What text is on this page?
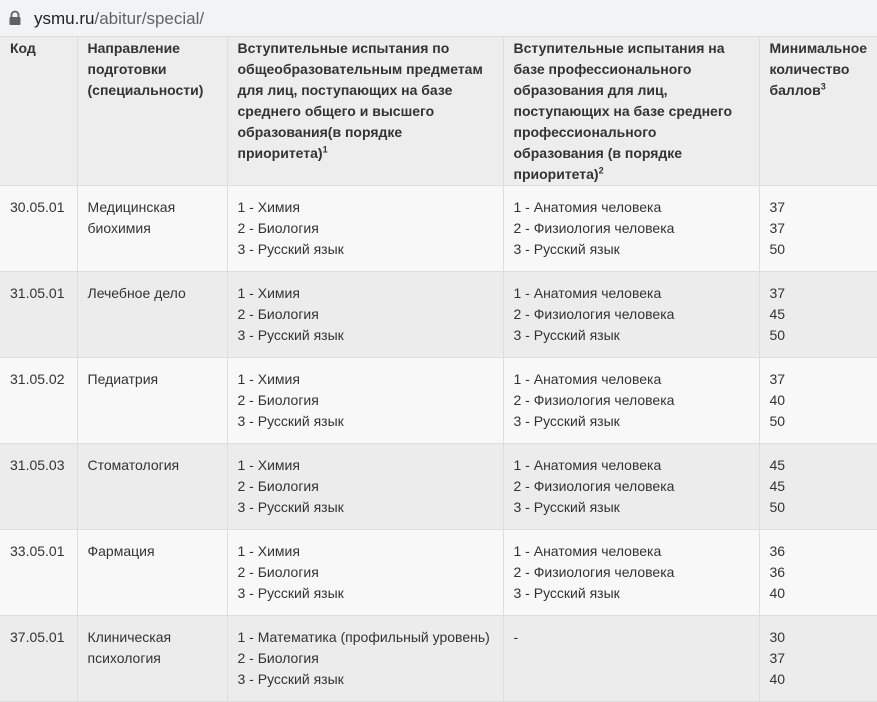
ysmu.ru/abitur/special/
Код	Направление подготовки (специальности)	Вступительные испытания по общеобразовательным предметам для лиц, поступающих на базе среднего общего и высшего образования(в порядке приоритета)$^1$	Вступительные испытания на базе профессионального образования для лиц, поступающих на базе среднего профессионального образования (в порядке приоритета)$^2$	Минимальное количество баллов$^3$

30.05.01	Медицинская биохимия	1 - Химия
2 - Биология
3 - Русский язык	1 - Анатомия человека
2 - Физиология человека
3 - Русский язык	37
37
50

31.05.01	Лечебное дело	1 - Химия
2 - Биология
3 - Русский язык	1 - Анатомия человека
2 - Физиология человека
3 - Русский язык	37
45
50

31.05.02	Педиатрия	1 - Химия
2 - Биология
3 - Русский язык	1 - Анатомия человека
2 - Физиология человека
3 - Русский язык	37
40
50

31.05.03	Стоматология	1 - Химия
2 - Биология
3 - Русский язык	1 - Анатомия человека
2 - Физиология человека
3 - Русский язык	45
45
50

33.05.01	Фармация	1 - Химия
2 - Биология
3 - Русский язык	1 - Анатомия человека
2 - Физиология человека
3 - Русский язык	36
36
40

37.05.01	Клиническая психология	1 - Математика (профильный уровень)
2 - Биология
3 - Русский язык	-	30
37
40
